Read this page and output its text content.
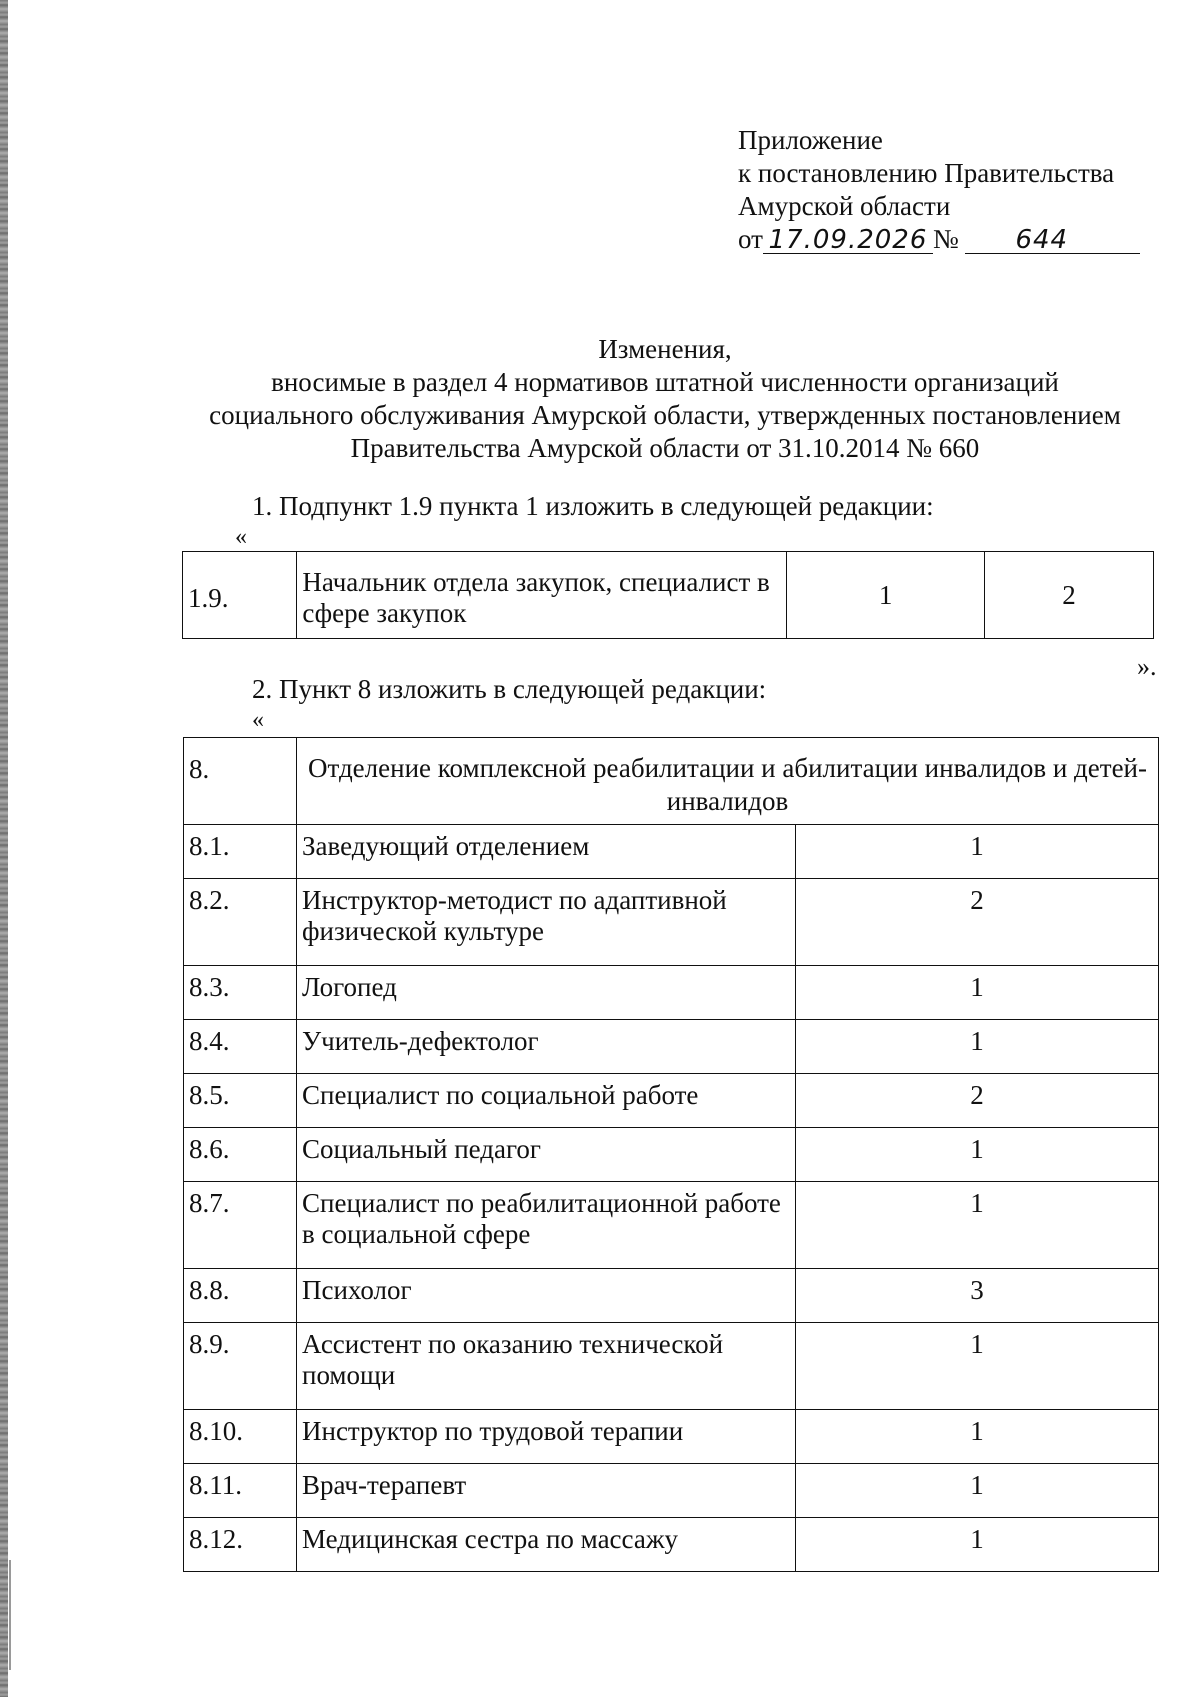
Приложение
к постановлению Правительства
Амурской области
от 17.09.2026 № 644
Изменения,
вносимые в раздел 4 нормативов штатной численности организаций
социального обслуживания Амурской области, утвержденных постановлением
Правительства Амурской области от 31.10.2014 № 660
1. Подпункт 1.9 пункта 1 изложить в следующей редакции:
«
1.9.	Начальник отдела закупок, специалист в сфере закупок	1	2
».
2. Пункт 8 изложить в следующей редакции:
«
8.	Отделение комплексной реабилитации и абилитации инвалидов и детей-инвалидов	
8.1.	Заведующий отделением	1
8.2.	Инструктор-методист по адаптивной физической культуре	2
8.3.	Логопед	1
8.4.	Учитель-дефектолог	1
8.5.	Специалист по социальной работе	2
8.6.	Социальный педагог	1
8.7.	Специалист по реабилитационной работе в социальной сфере	1
8.8.	Психолог	3
8.9.	Ассистент по оказанию технической помощи	1
8.10.	Инструктор по трудовой терапии	1
8.11.	Врач-терапевт	1
8.12.	Медицинская сестра по массажу	1
